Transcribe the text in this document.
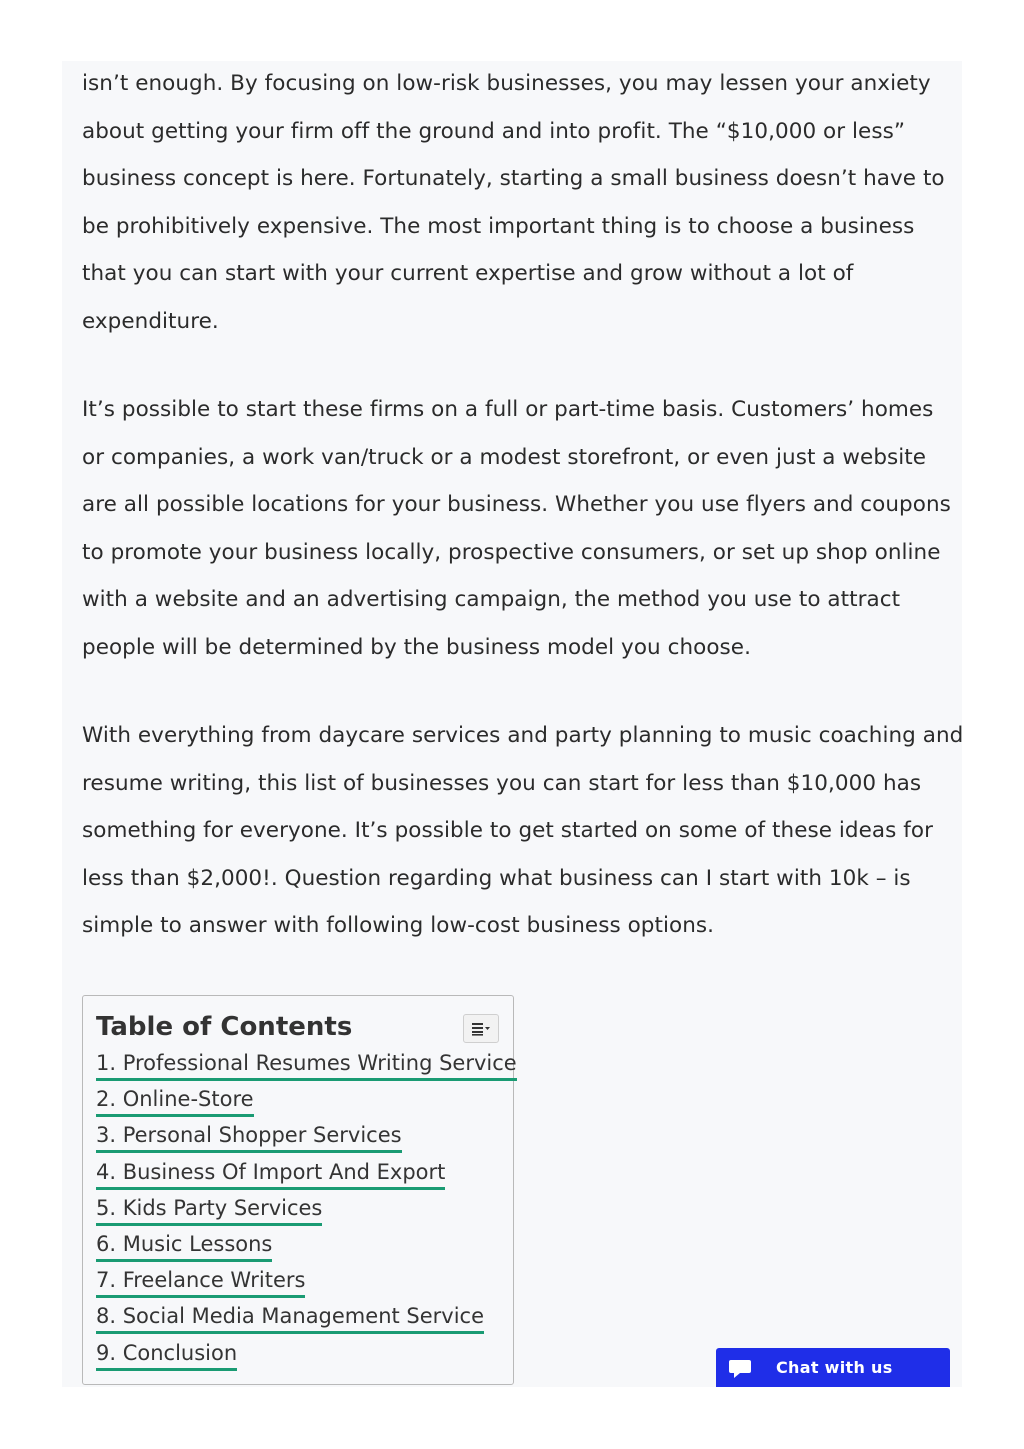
isn’t enough. By focusing on low-risk businesses, you may lessen your anxiety
about getting your firm off the ground and into profit. The “$10,000 or less”
business concept is here. Fortunately, starting a small business doesn’t have to
be prohibitively expensive. The most important thing is to choose a business
that you can start with your current expertise and grow without a lot of
expenditure.

It’s possible to start these firms on a full or part-time basis. Customers’ homes
or companies, a work van/truck or a modest storefront, or even just a website
are all possible locations for your business. Whether you use flyers and coupons
to promote your business locally, prospective consumers, or set up shop online
with a website and an advertising campaign, the method you use to attract
people will be determined by the business model you choose.

With everything from daycare services and party planning to music coaching and
resume writing, this list of businesses you can start for less than $10,000 has
something for everyone. It’s possible to get started on some of these ideas for
less than $2,000!. Question regarding what business can I start with 10k – is
simple to answer with following low-cost business options.

Table of Contents
1. Professional Resumes Writing Service
2. Online-Store
3. Personal Shopper Services
4. Business Of Import And Export
5. Kids Party Services
6. Music Lessons
7. Freelance Writers
8. Social Media Management Service
9. Conclusion
Chat with us
